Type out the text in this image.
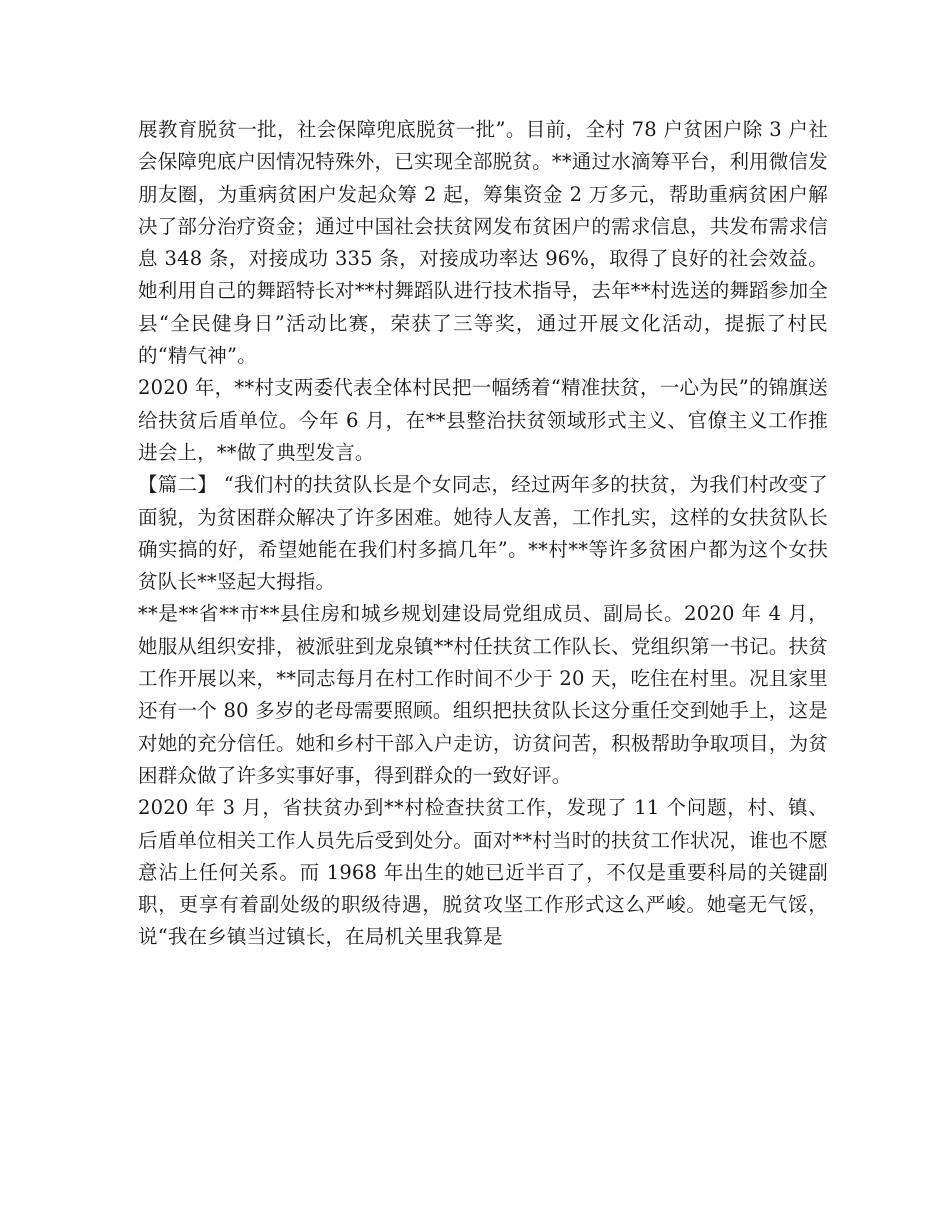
展教育脱贫一批，社会保障兜底脱贫一批”。目前，全村 78 户贫困户除 3 户社会保障兜底户因情况特殊外，已实现全部脱贫。**通过水滴筹平台，利用微信发朋友圈，为重病贫困户发起众筹 2 起，筹集资金 2 万多元，帮助重病贫困户解决了部分治疗资金；通过中国社会扶贫网发布贫困户的需求信息，共发布需求信息 348 条，对接成功 335 条，对接成功率达 96%，取得了良好的社会效益。她利用自己的舞蹈特长对**村舞蹈队进行技术指导，去年**村选送的舞蹈参加全县“全民健身日”活动比赛，荣获了三等奖，通过开展文化活动，提振了村民的“精气神”。

2020 年，**村支两委代表全体村民把一幅绣着“精准扶贫，一心为民”的锦旗送给扶贫后盾单位。今年 6 月，在**县整治扶贫领域形式主义、官僚主义工作推进会上，**做了典型发言。

【篇二】 “我们村的扶贫队长是个女同志，经过两年多的扶贫，为我们村改变了面貌，为贫困群众解决了许多困难。她待人友善，工作扎实，这样的女扶贫队长确实搞的好，希望她能在我们村多搞几年”。**村**等许多贫困户都为这个女扶贫队长**竖起大拇指。

**是**省**市**县住房和城乡规划建设局党组成员、副局长。2020 年 4 月，她服从组织安排，被派驻到龙泉镇**村任扶贫工作队长、党组织第一书记。扶贫工作开展以来，**同志每月在村工作时间不少于 20 天，吃住在村里。况且家里还有一个 80 多岁的老母需要照顾。组织把扶贫队长这分重任交到她手上，这是对她的充分信任。她和乡村干部入户走访，访贫问苦，积极帮助争取项目，为贫困群众做了许多实事好事，得到群众的一致好评。

2020 年 3 月，省扶贫办到**村检查扶贫工作，发现了 11 个问题，村、镇、后盾单位相关工作人员先后受到处分。面对**村当时的扶贫工作状况，谁也不愿意沾上任何关系。而 1968 年出生的她已近半百了，不仅是重要科局的关键副职，更享有着副处级的职级待遇，脱贫攻坚工作形式这么严峻。她毫无气馁，说“我在乡镇当过镇长，在局机关里我算是
